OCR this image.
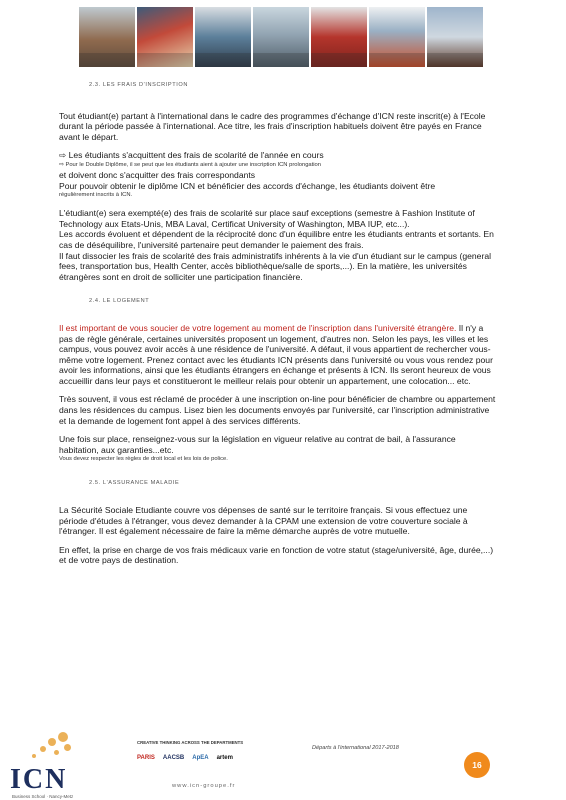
2.3. LES FRAIS D'INSCRIPTION

Tout étudiant(e) partant à l'international dans le cadre des programmes d'échange d'ICN reste inscrit(e) à l'Ecole durant la période passée à l'international. Ace titre, les frais d'inscription habituels doivent être payés en France avant le départ.

⇨ Les étudiants s'acquittent des frais de scolarité de l'année en cours

⇨ Pour le Double Diplôme, il se peut que les étudiants aient à ajouter une inscription ICN prolongation

et doivent donc s'acquitter des frais correspondants

Pour pouvoir obtenir le diplôme ICN et bénéficier des accords d'échange, les étudiants doivent être

régulièrement inscrits à ICN.

L'étudiant(e) sera exempté(e) des frais de scolarité sur place sauf exceptions (semestre à Fashion Institute of Technology aux Etats-Unis, MBA Laval, Certificat University of Washington, MBA IUP, etc...).

Les accords évoluent et dépendent de la réciprocité donc d'un équilibre entre les étudiants entrants et sortants. En cas de déséquilibre, l'université partenaire peut demander le paiement des frais.

Il faut dissocier les frais de scolarité des frais administratifs inhérents à la vie d'un étudiant sur le campus (general fees, transportation bus, Health Center, accès bibliothèque/salle de sports,...). En la matière, les universités étrangères sont en droit de solliciter une participation financière.

2.4. LE LOGEMENT

Il est important de vous soucier de votre logement au moment de l'inscription dans l'université étrangère. Il n'y a pas de règle générale, certaines universités proposent un logement, d'autres non. Selon les pays, les villes et les campus, vous pouvez avoir accès à une résidence de l'université. A défaut, il vous appartient de rechercher vous-même votre logement. Prenez contact avec les étudiants ICN présents dans l'université ou vous vous rendez pour avoir les informations, ainsi que les étudiants étrangers en échange et présents à ICN. Ils seront heureux de vous accueillir dans leur pays et constitueront le meilleur relais pour obtenir un appartement, une colocation... etc.

Très souvent, il vous est réclamé de procéder à une inscription on-line pour bénéficier de chambre ou appartement dans les résidences du campus. Lisez bien les documents envoyés par l'université, car l'inscription administrative et la demande de logement font appel à des services différents.

Une fois sur place, renseignez-vous sur la législation en vigueur relative au contrat de bail, à l'assurance habitation, aux garanties...etc.

Vous devez respecter les règles de droit local et les lois de police.

2.5. L'ASSURANCE MALADIE

La Sécurité Sociale Etudiante couvre vos dépenses de santé sur le territoire français. Si vous effectuez une période d'études à l'étranger, vous devez demander à la CPAM une extension de votre couverture sociale à l'étranger. Il est également nécessaire de faire la même démarche auprès de votre mutuelle.

En effet, la prise en charge de vos frais médicaux varie en fonction de votre statut (stage/université, âge, durée,...) et de votre pays de destination.

ICN
Business School · Nancy-Metz
CREATIVE THINKING ACROSS THE DEPARTMENTS
PARIS AACSB ApEA artem
www.icn-groupe.fr
Départs à l'international 2017-2018
16
